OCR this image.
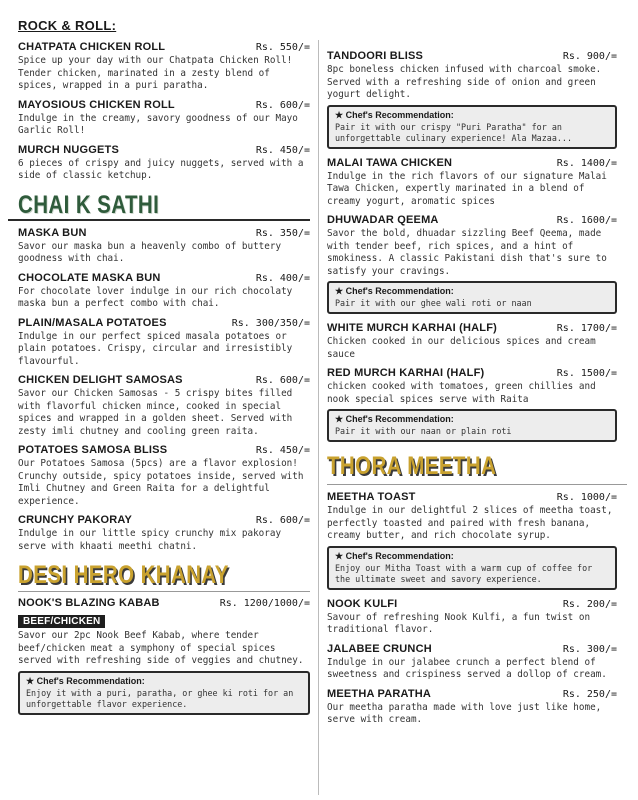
ROCK & ROLL:
CHATPATA CHICKEN ROLL	Rs. 550/=
Spice up your day with our Chatpata Chicken Roll! Tender chicken, marinated in a zesty blend of spices, wrapped in a puri paratha.
MAYOSIOUS CHICKEN ROLL	Rs. 600/=
Indulge in the creamy, savory goodness of our Mayo Garlic Roll!
MURCH NUGGETS	Rs. 450/=
6 pieces of crispy and juicy nuggets, served with a side of classic ketchup.
CHAI K SATHI
MASKA BUN	Rs. 350/=
Savor our maska bun a heavenly combo of buttery goodness with chai.
CHOCOLATE MASKA BUN	Rs. 400/=
For chocolate lover indulge in our rich chocolaty maska bun a perfect combo with chai.
PLAIN/MASALA POTATOES	Rs. 300/350/=
Indulge in our perfect spiced masala potatoes or plain potatoes. Crispy, circular and irresistibly flavourful.
CHICKEN DELIGHT SAMOSAS	Rs. 600/=
Savor our Chicken Samosas - 5 crispy bites filled with flavorful chicken mince, cooked in special spices and wrapped in a golden sheet. Served with zesty imli chutney and cooling green raita.
POTATOES SAMOSA BLISS	Rs. 450/=
Our Potatoes Samosa (5pcs) are a flavor explosion! Crunchy outside, spicy potatoes inside, served with Imli Chutney and Green Raita for a delightful experience.
CRUNCHY PAKORAY	Rs. 600/=
Indulge in our little spicy crunchy mix pakoray serve with khaati meethi chatni.
DESI HERO KHANAY
NOOK'S BLAZING KABAB	Rs. 1200/1000/=
BEEF/CHICKEN
Savor our 2pc Nook Beef Kabab, where tender beef/chicken meat a symphony of special spices served with refreshing side of veggies and chutney.
★ Chef's Recommendation:
Enjoy it with a puri, paratha, or ghee ki roti for an unforgettable flavor experience.
TANDOORI BLISS	Rs. 900/=
8pc boneless chicken infused with charcoal smoke. Served with a refreshing side of onion and green yogurt delight.
★ Chef's Recommendation:
Pair it with our crispy "Puri Paratha" for an unforgettable culinary experience! Ala Mazaa...
MALAI TAWA CHICKEN	Rs. 1400/=
Indulge in the rich flavors of our signature Malai Tawa Chicken, expertly marinated in a blend of creamy yogurt, aromatic spices
DHUWADAR QEEMA	Rs. 1600/=
Savor the bold, dhuadar sizzling Beef Qeema, made with tender beef, rich spices, and a hint of smokiness. A classic Pakistani dish that's sure to satisfy your cravings.
★ Chef's Recommendation:
Pair it with our ghee wali roti or naan
WHITE MURCH KARHAI (HALF)	Rs. 1700/=
Chicken cooked in our delicious spices and cream sauce
RED MURCH KARHAI (HALF)	Rs. 1500/=
chicken cooked with tomatoes, green chillies and nook special spices serve with Raita
★ Chef's Recommendation:
Pair it with our naan or plain roti
THORA MEETHA
MEETHA TOAST	Rs. 1000/=
Indulge in our delightful 2 slices of meetha toast, perfectly toasted and paired with fresh banana, creamy butter, and rich chocolate syrup.
★ Chef's Recommendation:
Enjoy our Mitha Toast with a warm cup of coffee for the ultimate sweet and savory experience.
NOOK KULFI	Rs. 200/=
Savour of refreshing Nook Kulfi, a fun twist on traditional flavor.
JALABEE CRUNCH	Rs. 300/=
Indulge in our jalabee crunch a perfect blend of sweetness and crispiness served a dollop of cream.
MEETHA PARATHA	Rs. 250/=
Our meetha paratha made with love just like home, serve with cream.
